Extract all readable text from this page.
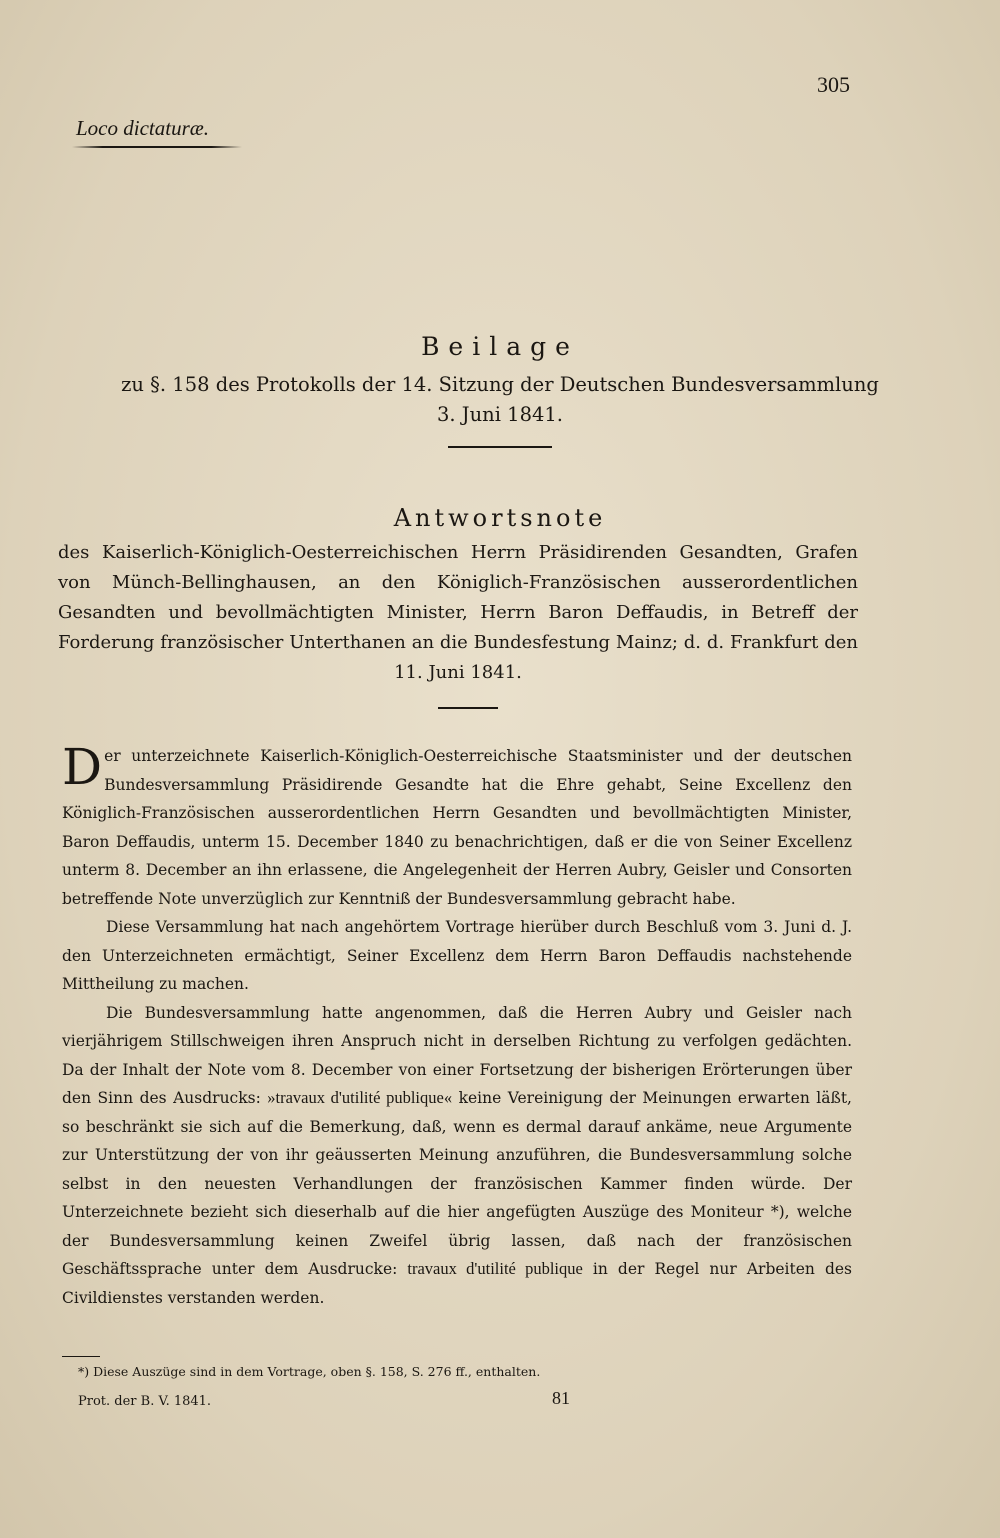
305
Loco dictaturæ.
Beilage
zu §. 158 des Protokolls der 14. Sitzung der Deutschen Bundesversammlung
3. Juni 1841.
Antwortsnote
des Kaiserlich-Königlich-Oesterreichischen Herrn Präsidirenden Gesandten, Grafen von Münch-Bellinghausen, an den Königlich-Französischen ausserordentlichen Gesandten und bevollmächtigten Minister, Herrn Baron Deffaudis, in Betreff der Forderung französischer Unterthanen an die Bundesfestung Mainz; d. d. Frankfurt den 11. Juni 1841.

Der unterzeichnete Kaiserlich-Königlich-Oesterreichische Staatsminister und der deutschen Bundesversammlung Präsidirende Gesandte hat die Ehre gehabt, Seine Excellenz den Königlich-Französischen ausserordentlichen Herrn Gesandten und bevollmächtigten Minister, Baron Deffaudis, unterm 15. December 1840 zu benachrichtigen, daß er die von Seiner Excellenz unterm 8. December an ihn erlassene, die Angelegenheit der Herren Aubry, Geisler und Consorten betreffende Note unverzüglich zur Kenntniß der Bundesversammlung gebracht habe.

Diese Versammlung hat nach angehörtem Vortrage hierüber durch Beschluß vom 3. Juni d. J. den Unterzeichneten ermächtigt, Seiner Excellenz dem Herrn Baron Deffaudis nachstehende Mittheilung zu machen.

Die Bundesversammlung hatte angenommen, daß die Herren Aubry und Geisler nach vierjährigem Stillschweigen ihren Anspruch nicht in derselben Richtung zu verfolgen gedächten. Da der Inhalt der Note vom 8. December von einer Fortsetzung der bisherigen Erörterungen über den Sinn des Ausdrucks: »travaux d'utilité publique« keine Vereinigung der Meinungen erwarten läßt, so beschränkt sie sich auf die Bemerkung, daß, wenn es dermal darauf ankäme, neue Argumente zur Unterstützung der von ihr geäusserten Meinung anzuführen, die Bundesversammlung solche selbst in den neuesten Verhandlungen der französischen Kammer finden würde. Der Unterzeichnete bezieht sich dieserhalb auf die hier angefügten Auszüge des Moniteur *), welche der Bundesversammlung keinen Zweifel übrig lassen, daß nach der französischen Geschäftssprache unter dem Ausdrucke: travaux d'utilité publique in der Regel nur Arbeiten des Civildienstes verstanden werden.

*) Diese Auszüge sind in dem Vortrage, oben §. 158, S. 276 ff., enthalten.
Prot. der B. V. 1841.	81
